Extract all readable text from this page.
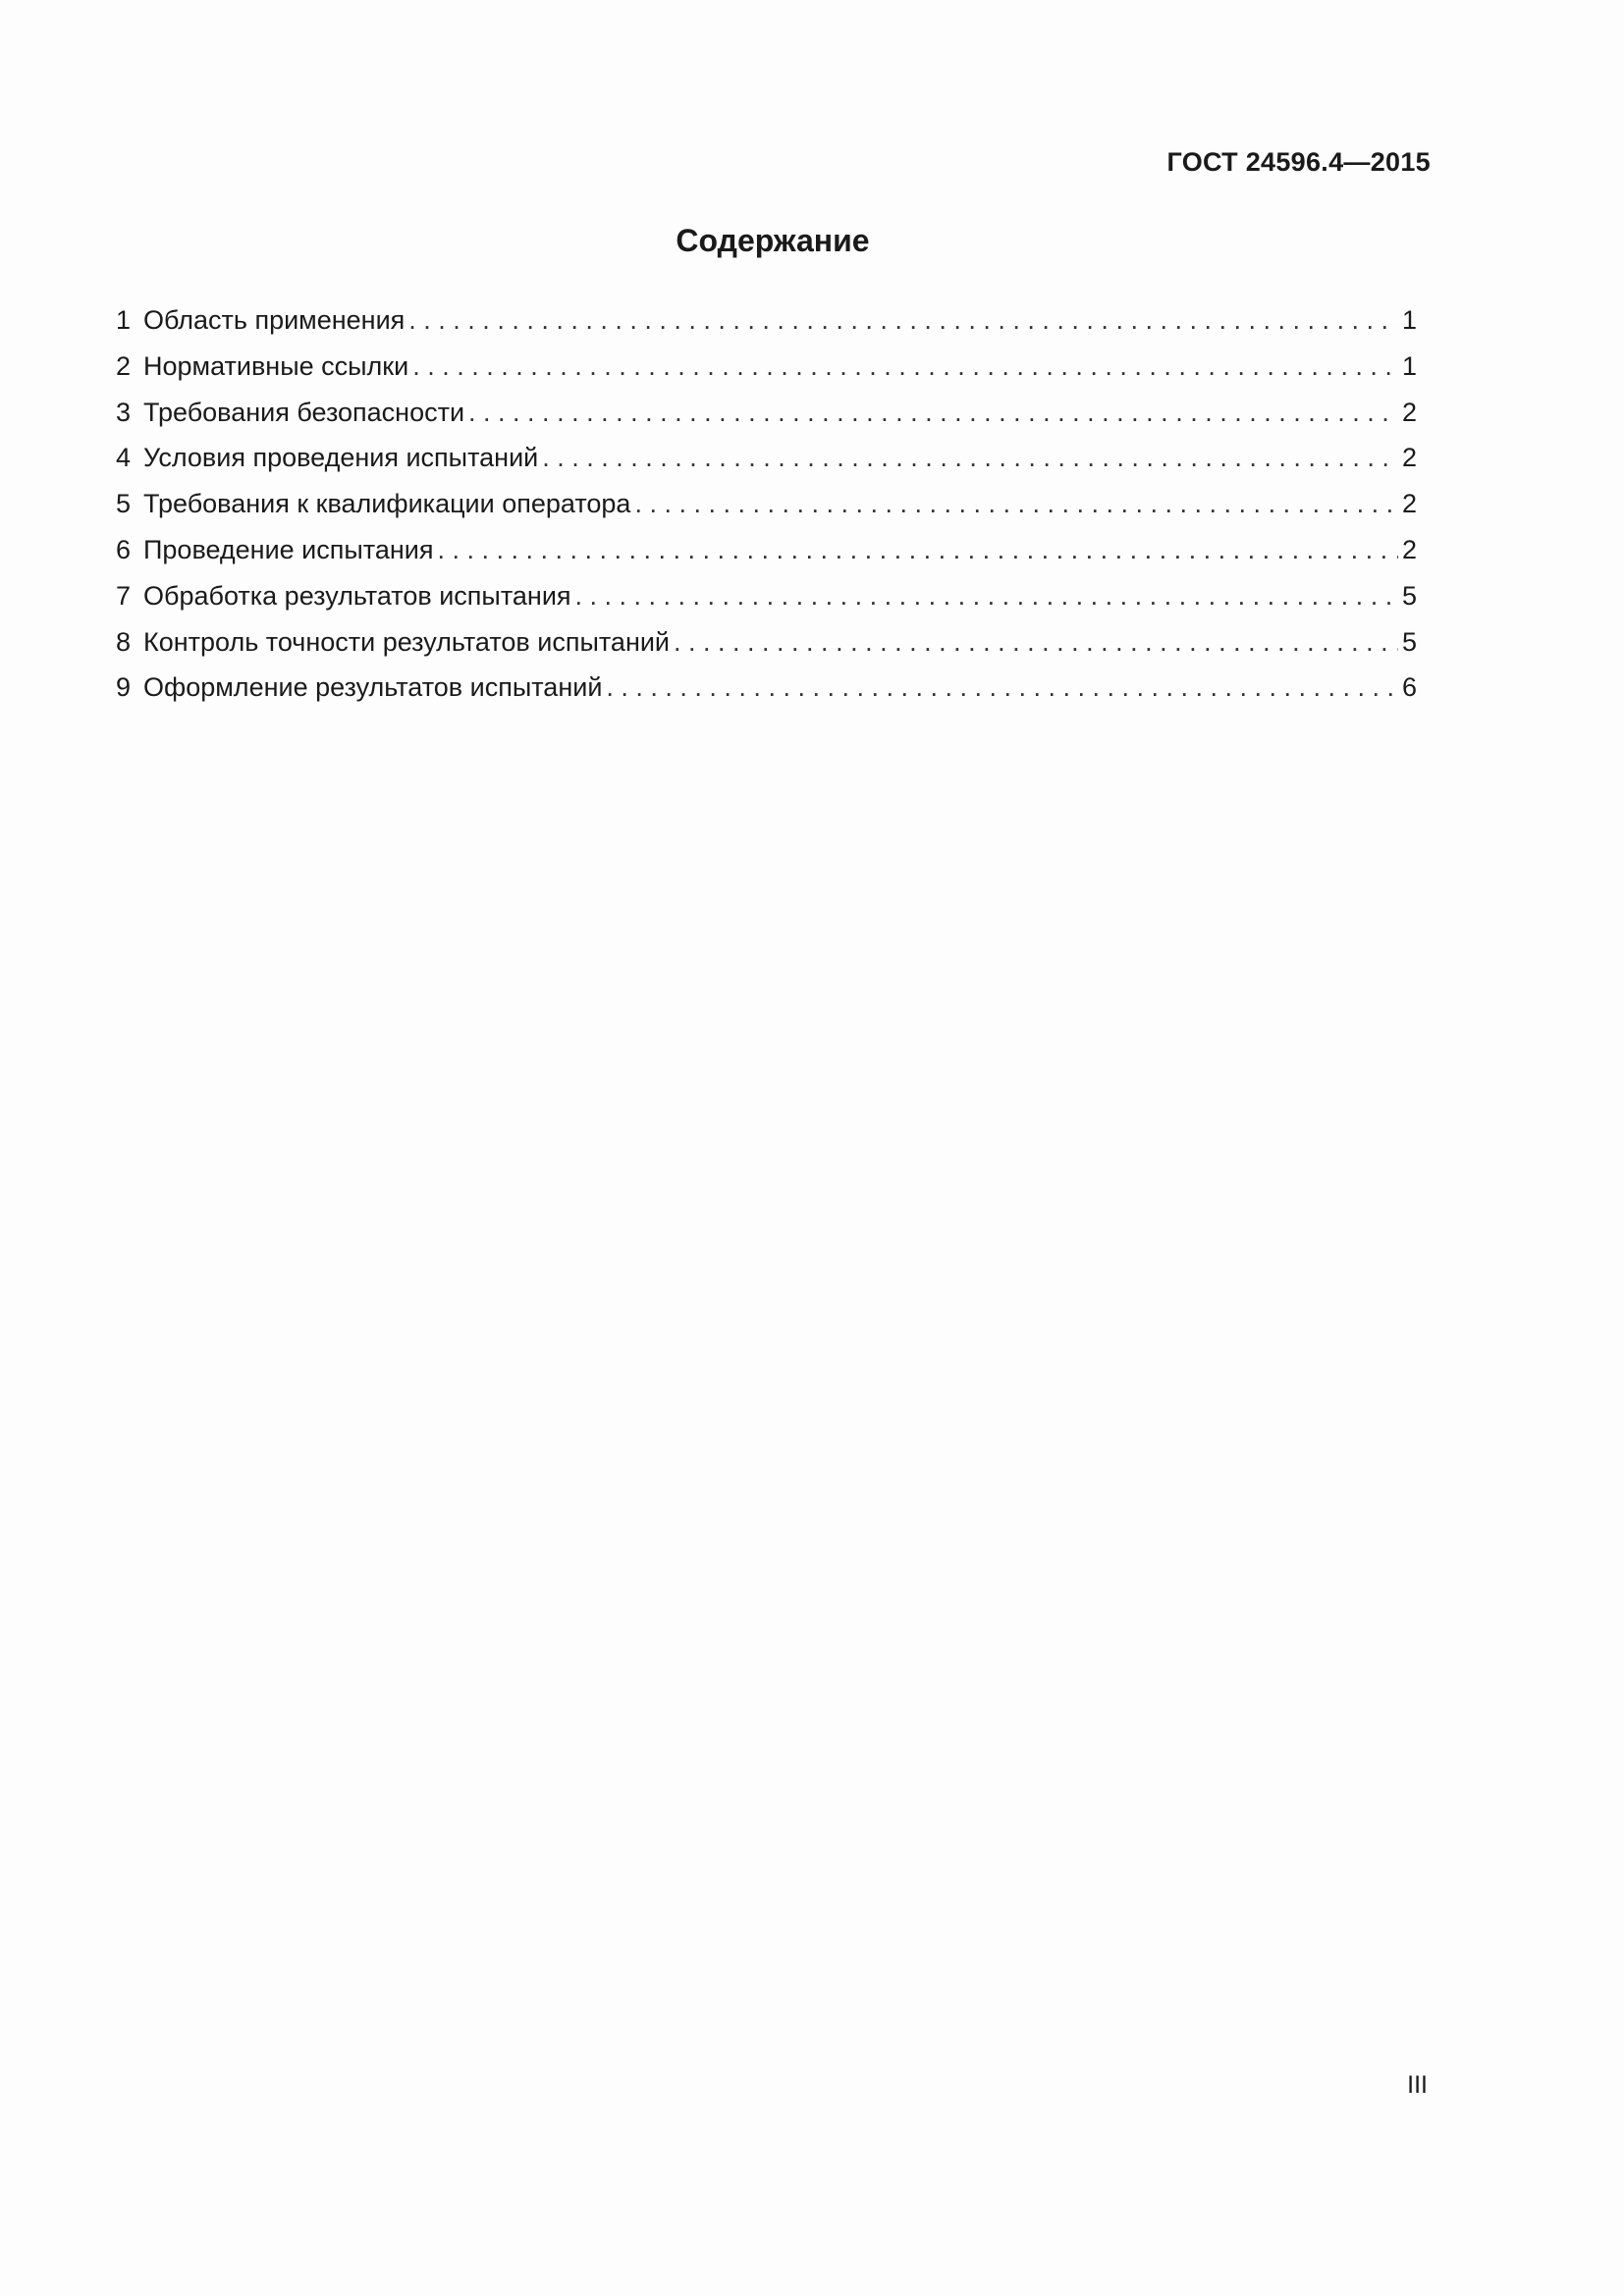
ГОСТ 24596.4—2015
Содержание
1 Область применения . . .	1
2 Нормативные ссылки . . .	1
3 Требования безопасности . . .	2
4 Условия проведения испытаний . . .	2
5 Требования к квалификации оператора . . .	2
6 Проведение испытания . . .	2
7 Обработка результатов испытания . . .	5
8 Контроль точности результатов испытаний . . .	5
9 Оформление результатов испытаний . . .	6
III
